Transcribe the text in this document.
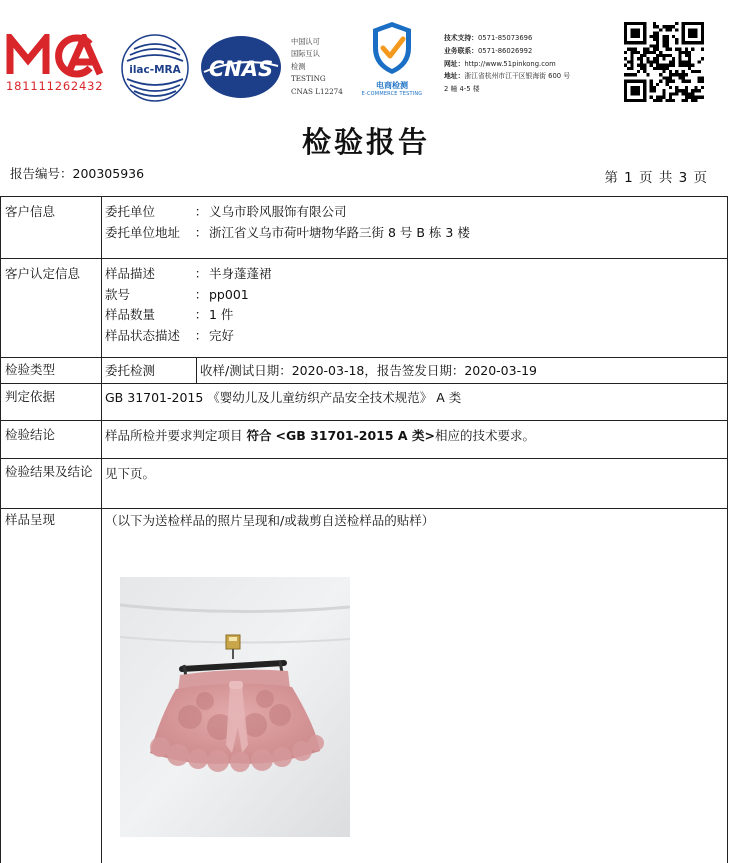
181111262432
ilac-MRA CNAS
中国认可
国际互认
检测
TESTING
CNAS L12274
电商检测
E-COMMERCE TESTING
技术支持：0571-85073696
业务联系：0571-86026992
网址：http://www.51pinkong.com
地址：浙江省杭州市江干区银海街 600 号
2 幢 4-5 楼
检验报告
报告编号：200305936	第 1 页 共 3 页
客户信息	委托单位	： 义乌市聆风服饰有限公司
委托单位地址	： 浙江省义乌市荷叶塘物华路三街 8 号 B 栋 3 楼
客户认定信息	样品描述	： 半身蓬蓬裙
款号	： pp001
样品数量	： 1 件
样品状态描述	： 完好
检验类型	委托检测	收样/测试日期：2020-03-18，报告签发日期：2020-03-19
判定依据	GB 31701-2015 《婴幼儿及儿童纺织产品安全技术规范》 A 类
检验结论	样品所检并要求判定项目 符合 <GB 31701-2015 A 类>相应的技术要求。
检验结果及结论 见下页。
样品呈现	（以下为送检样品的照片呈现和/或裁剪自送检样品的贴样）
